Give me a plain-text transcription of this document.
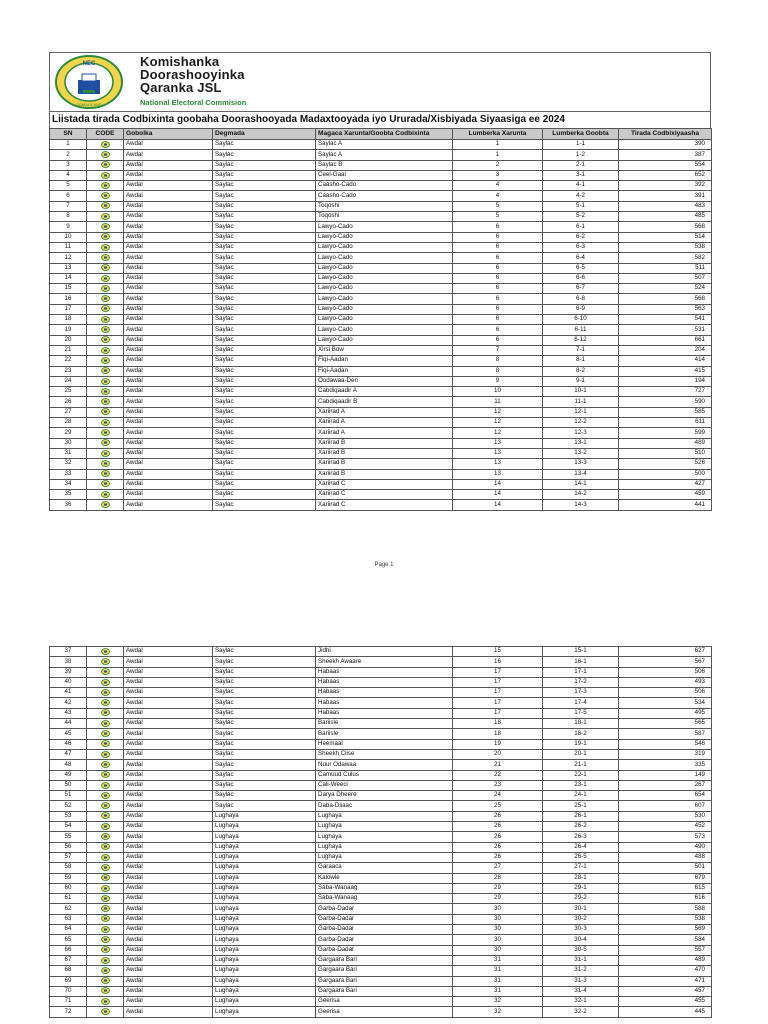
NEC
SOMALILAND
Komishanka
Doorashooyinka
Qaranka JSL
National Electoral Commision
Liistada tirada Codbixinta goobaha Doorashooyada Madaxtooyada iyo Ururada/Xisbiyada Siyaasiga ee 2024
SN	CODE	Gobolka	Degmada	Magaca Xarunta/Goobta Codbixinta	Lumberka Xarunta	Lumberka Goobta	Tirada Codbixiyaasha
1		Awdal	Saylac	Saylac A	1	1-1	390
2		Awdal	Saylac	Saylac A	1	1-2	387
3		Awdal	Saylac	Saylac B	2	2-1	554
4		Awdal	Saylac	Ceel-Gaal	3	3-1	652
5		Awdal	Saylac	Caasho-Cado	4	4-1	392
6		Awdal	Saylac	Caasho-Cado	4	4-2	391
7		Awdal	Saylac	Toqoshi	5	5-1	483
8		Awdal	Saylac	Toqoshi	5	5-2	485
9		Awdal	Saylac	Lawyo-Cado	6	6-1	568
10		Awdal	Saylac	Lawyo-Cado	6	6-2	514
11		Awdal	Saylac	Lawyo-Cado	6	6-3	538
12		Awdal	Saylac	Lawyo-Cado	6	6-4	582
13		Awdal	Saylac	Lawyo-Cado	6	6-5	511
14		Awdal	Saylac	Lawyo-Cado	6	6-6	507
15		Awdal	Saylac	Lawyo-Cado	6	6-7	524
16		Awdal	Saylac	Lawyo-Cado	6	6-8	568
17		Awdal	Saylac	Lawyo-Cado	6	6-9	563
18		Awdal	Saylac	Lawyo-Cado	6	6-10	541
19		Awdal	Saylac	Lawyo-Cado	6	6-11	531
20		Awdal	Saylac	Lawyo-Cado	6	6-12	661
21		Awdal	Saylac	Xirsi Bow	7	7-1	204
22		Awdal	Saylac	Fiqi-Aadan	8	8-1	414
23		Awdal	Saylac	Fiqi-Aadan	8	8-2	415
24		Awdal	Saylac	Oodawaa-Deri	9	9-1	194
25		Awdal	Saylac	Cabdiqaadir A	10	10-1	727
26		Awdal	Saylac	Cabdiqaadir B	11	11-1	590
27		Awdal	Saylac	Xariirad A	12	12-1	585
28		Awdal	Saylac	Xariirad A	12	12-2	611
29		Awdal	Saylac	Xariirad A	12	12-3	599
30		Awdal	Saylac	Xariirad B	13	13-1	489
31		Awdal	Saylac	Xariirad B	13	13-2	510
32		Awdal	Saylac	Xariirad B	13	13-3	526
33		Awdal	Saylac	Xariirad B	13	13-4	500
34		Awdal	Saylac	Xariirad C	14	14-1	427
35		Awdal	Saylac	Xariirad C	14	14-2	459
36		Awdal	Saylac	Xariirad C	14	14-3	441
Page 1
37		Awdal	Saylac	Jidhi	15	15-1	627
38		Awdal	Saylac	Sheekh Awaare	16	16-1	567
39		Awdal	Saylac	Habaas	17	17-1	506
40		Awdal	Saylac	Habaas	17	17-2	493
41		Awdal	Saylac	Habaas	17	17-3	506
42		Awdal	Saylac	Habaas	17	17-4	534
43		Awdal	Saylac	Habaas	17	17-5	495
44		Awdal	Saylac	Bariisle	18	18-1	565
45		Awdal	Saylac	Bariisle	18	18-2	587
46		Awdal	Saylac	Heemaal	19	19-1	546
47		Awdal	Saylac	Sheekh Ciise	20	20-1	319
48		Awdal	Saylac	Nuur Odawaa	21	21-1	335
49		Awdal	Saylac	Camuud Culus	22	22-1	149
50		Awdal	Saylac	Cali-Weeci	23	23-1	267
51		Awdal	Saylac	Darya Dheere	24	24-1	654
52		Awdal	Saylac	Daba-Diiaac	25	25-1	607
53		Awdal	Lughaya	Lughaya	26	26-1	530
54		Awdal	Lughaya	Lughaya	26	26-2	452
55		Awdal	Lughaya	Lughaya	26	26-3	573
56		Awdal	Lughaya	Lughaya	26	26-4	490
57		Awdal	Lughaya	Lughaya	26	26-5	488
58		Awdal	Lughaya	Garaaca	27	27-1	501
59		Awdal	Lughaya	Kalowle	28	28-1	679
60		Awdal	Lughaya	Saba-Wanaag	29	29-1	615
61		Awdal	Lughaya	Saba-Wanaag	29	29-2	616
62		Awdal	Lughaya	Garba-Dadar	30	30-1	588
63		Awdal	Lughaya	Garba-Dadar	30	30-2	538
64		Awdal	Lughaya	Garba-Dadar	30	30-3	569
65		Awdal	Lughaya	Garba-Dadar	30	30-4	584
66		Awdal	Lughaya	Garba-Dadar	30	30-5	557
67		Awdal	Lughaya	Gargaara Bari	31	31-1	489
68		Awdal	Lughaya	Gargaara Bari	31	31-2	470
69		Awdal	Lughaya	Gargaara Bari	31	31-3	471
70		Awdal	Lughaya	Gargaara Bari	31	31-4	457
71		Awdal	Lughaya	Geerisa	32	32-1	455
72		Awdal	Lughaya	Geerisa	32	32-2	445
